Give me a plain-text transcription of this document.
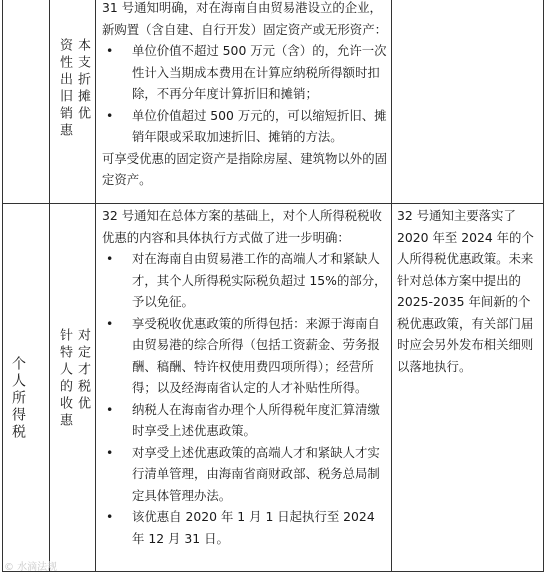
资性出旧销惠 本支折摊优

31 号通知明确，对在海南自由贸易港设立的企业，新购置（含自建、自行开发）固定资产或无形资产：

• 单位价值不超过 500 万元（含）的，允许一次性计入当期成本费用在计算应纳税所得额时扣除，不再分年度计算折旧和摊销；
• 单位价值超过 500 万元的，可以缩短折旧、摊销年限或采取加速折旧、摊销的方法。

可享受优惠的固定资产是指除房屋、建筑物以外的固定资产。

个人所得税 针特人的收惠 对定才税优

32 号通知在总体方案的基础上，对个人所得税税收优惠的内容和具体执行方式做了进一步明确：

• 对在海南自由贸易港工作的高端人才和紧缺人才，其个人所得税实际税负超过 15%的部分，予以免征。
• 享受税收优惠政策的所得包括：来源于海南自由贸易港的综合所得（包括工资薪金、劳务报酬、稿酬、特许权使用费四项所得）；经营所得；以及经海南省认定的人才补贴性所得。
• 纳税人在海南省办理个人所得税年度汇算清缴时享受上述优惠政策。
• 对享受上述优惠政策的高端人才和紧缺人才实行清单管理，由海南省商财政部、税务总局制定具体管理办法。
• 该优惠自 2020 年 1 月 1 日起执行至 2024 年 12 月 31 日。
32 号通知主要落实了 2020 年至 2024 年的个人所得税优惠政策。未来针对总体方案中提出的 2025-2035 年间新的个税优惠政策，有关部门届时应会另外发布相关细则以落地执行。
© 水滴法规
